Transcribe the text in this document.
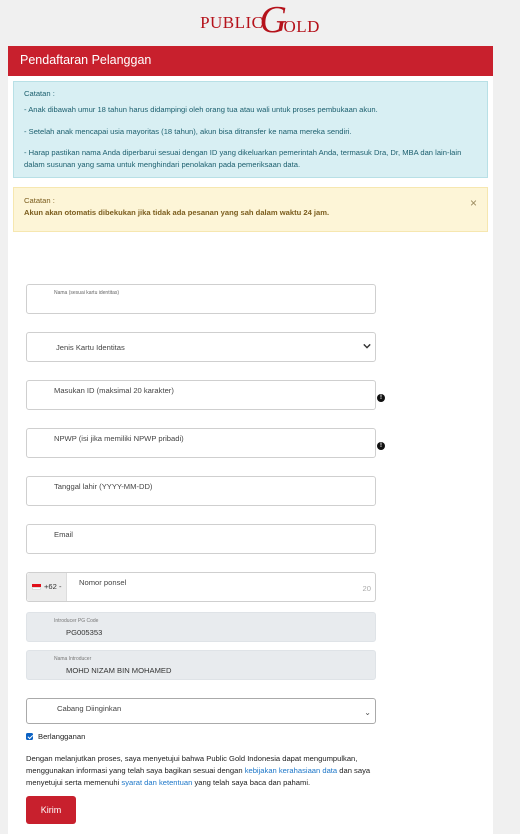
PUBLIC
G
OLD
Pendaftaran Pelanggan

Catatan :

- Anak dibawah umur 18 tahun harus didampingi oleh orang tua atau wali untuk proses pembukaan akun.

- Setelah anak mencapai usia mayoritas (18 tahun), akun bisa ditransfer ke nama mereka sendiri.

- Harap pastikan nama Anda diperbarui sesuai dengan ID yang dikeluarkan pemerintah Anda, termasuk Dra, Dr, MBA dan lain-lain dalam susunan yang sama untuk menghindari penolakan pada pemeriksaan data.

Catatan :
Akun akan otomatis dibekukan jika tidak ada pesanan yang sah dalam waktu 24 jam.
×
Nama (sesuai kartu identitas)
Jenis Kartu Identitas
Masukan ID (maksimal 20 karakter)
!
NPWP (isi jika memiliki NPWP pribadi)
!
Tanggal lahir (YYYY-MM-DD)
Email
+62 - Nomor ponsel
20
Introducer PG Code
PG005353
Nama Introducer
MOHD NIZAM BIN MOHAMED
Cabang Diinginkan	⌄
Berlangganan
Dengan melanjutkan proses, saya menyetujui bahwa Public Gold Indonesia dapat mengumpulkan, menggunakan informasi yang telah saya bagikan sesuai dengan kebijakan kerahasiaan data dan saya menyetujui serta memenuhi syarat dan ketentuan yang telah saya baca dan pahami.
Kirim
